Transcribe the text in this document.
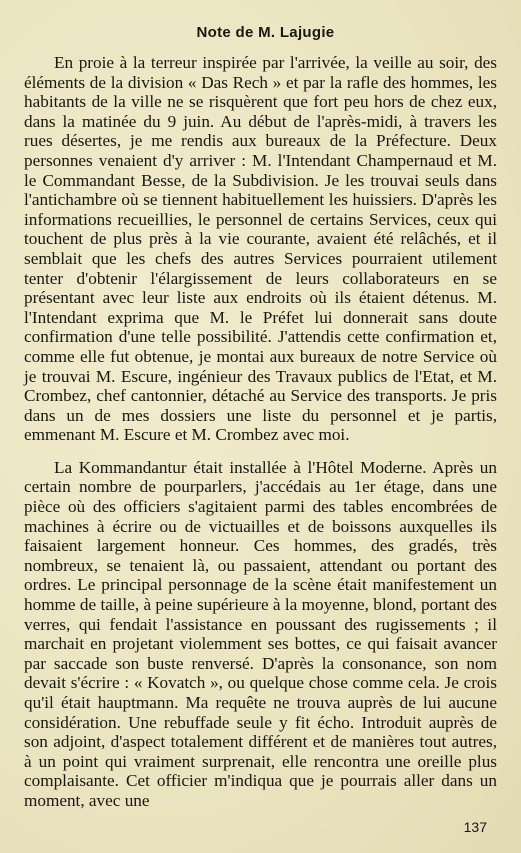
Note de M. Lajugie

En proie à la terreur inspirée par l'arrivée, la veille au soir, des éléments de la division « Das Rech » et par la rafle des hommes, les habitants de la ville ne se risquèrent que fort peu hors de chez eux, dans la matinée du 9 juin. Au début de l'après-midi, à travers les rues désertes, je me rendis aux bureaux de la Préfecture. Deux personnes venaient d'y arriver : M. l'Intendant Champernaud et M. le Commandant Besse, de la Subdivision. Je les trouvai seuls dans l'antichambre où se tiennent habituellement les huissiers. D'après les informations recueillies, le personnel de certains Services, ceux qui touchent de plus près à la vie courante, avaient été relâchés, et il semblait que les chefs des autres Services pourraient utilement tenter d'obtenir l'élargissement de leurs collaborateurs en se présentant avec leur liste aux endroits où ils étaient détenus. M. l'Intendant exprima que M. le Préfet lui donnerait sans doute confirmation d'une telle possibilité. J'attendis cette confirmation et, comme elle fut obtenue, je montai aux bureaux de notre Service où je trouvai M. Escure, ingénieur des Travaux publics de l'Etat, et M. Crombez, chef cantonnier, détaché au Service des transports. Je pris dans un de mes dossiers une liste du personnel et je partis, emmenant M. Escure et M. Crombez avec moi.

La Kommandantur était installée à l'Hôtel Moderne. Après un certain nombre de pourparlers, j'accédais au 1er étage, dans une pièce où des officiers s'agitaient parmi des tables encombrées de machines à écrire ou de victuailles et de boissons auxquelles ils faisaient largement honneur. Ces hommes, des gradés, très nombreux, se tenaient là, ou passaient, attendant ou portant des ordres. Le principal personnage de la scène était manifestement un homme de taille, à peine supérieure à la moyenne, blond, portant des verres, qui fendait l'assistance en poussant des rugissements ; il marchait en projetant violemment ses bottes, ce qui faisait avancer par saccade son buste renversé. D'après la consonance, son nom devait s'écrire : « Kovatch », ou quelque chose comme cela. Je crois qu'il était hauptmann. Ma requête ne trouva auprès de lui aucune considération. Une rebuffade seule y fit écho. Introduit auprès de son adjoint, d'aspect totalement différent et de manières tout autres, à un point qui vraiment surprenait, elle rencontra une oreille plus complaisante. Cet officier m'indiqua que je pourrais aller dans un moment, avec une

137
